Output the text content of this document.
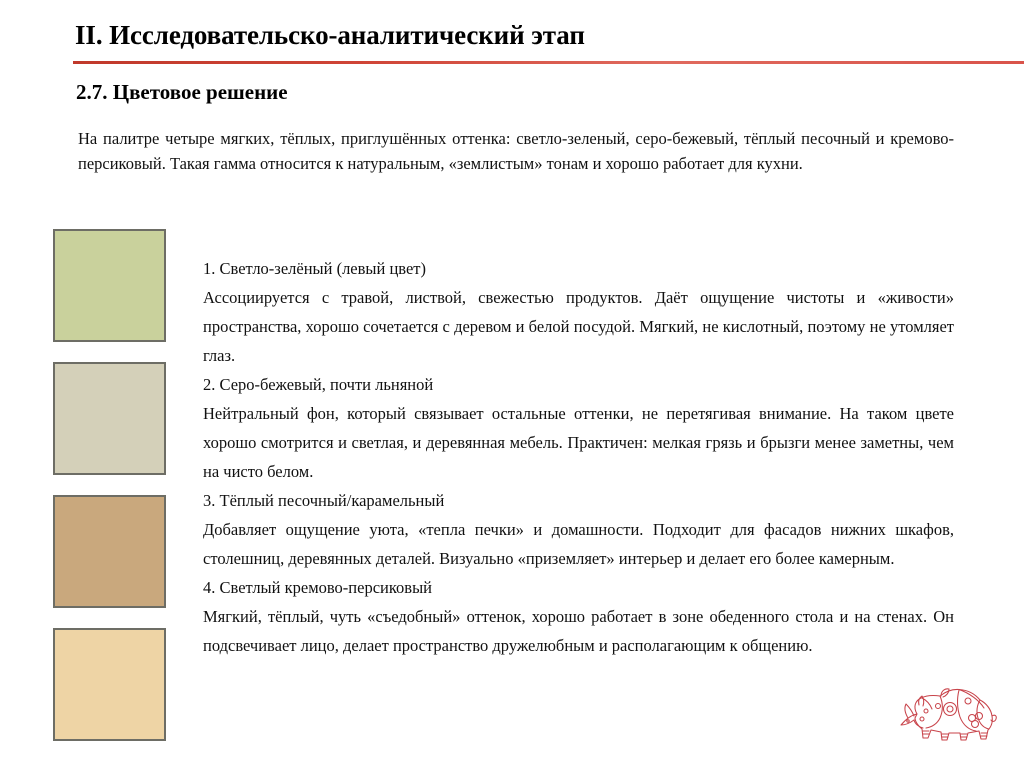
II. Исследовательско-аналитический этап
2.7. Цветовое решение
На палитре четыре мягких, тёплых, приглушённых оттенка: светло-зеленый, серо-бежевый, тёплый песочный и кремово-персиковый. Такая гамма относится к натуральным, «землистым» тонам и хорошо работает для кухни.

1. Светло-зелёный (левый цвет)

Ассоциируется с травой, листвой, свежестью продуктов. Даёт ощущение чистоты и «живости» пространства, хорошо сочетается с деревом и белой посудой. Мягкий, не кислотный, поэтому не утомляет глаз.

2. Серо-бежевый, почти льняной

Нейтральный фон, который связывает остальные оттенки, не перетягивая внимание. На таком цвете хорошо смотрится и светлая, и деревянная мебель. Практичен: мелкая грязь и брызги менее заметны, чем на чисто белом.

3. Тёплый песочный/карамельный

Добавляет ощущение уюта, «тепла печки» и домашности. Подходит для фасадов нижних шкафов, столешниц, деревянных деталей. Визуально «приземляет» интерьер и делает его более камерным.

4. Светлый кремово-персиковый

Мягкий, тёплый, чуть «съедобный» оттенок, хорошо работает в зоне обеденного стола и на стенах. Он подсвечивает лицо, делает пространство дружелюбным и располагающим к общению.
